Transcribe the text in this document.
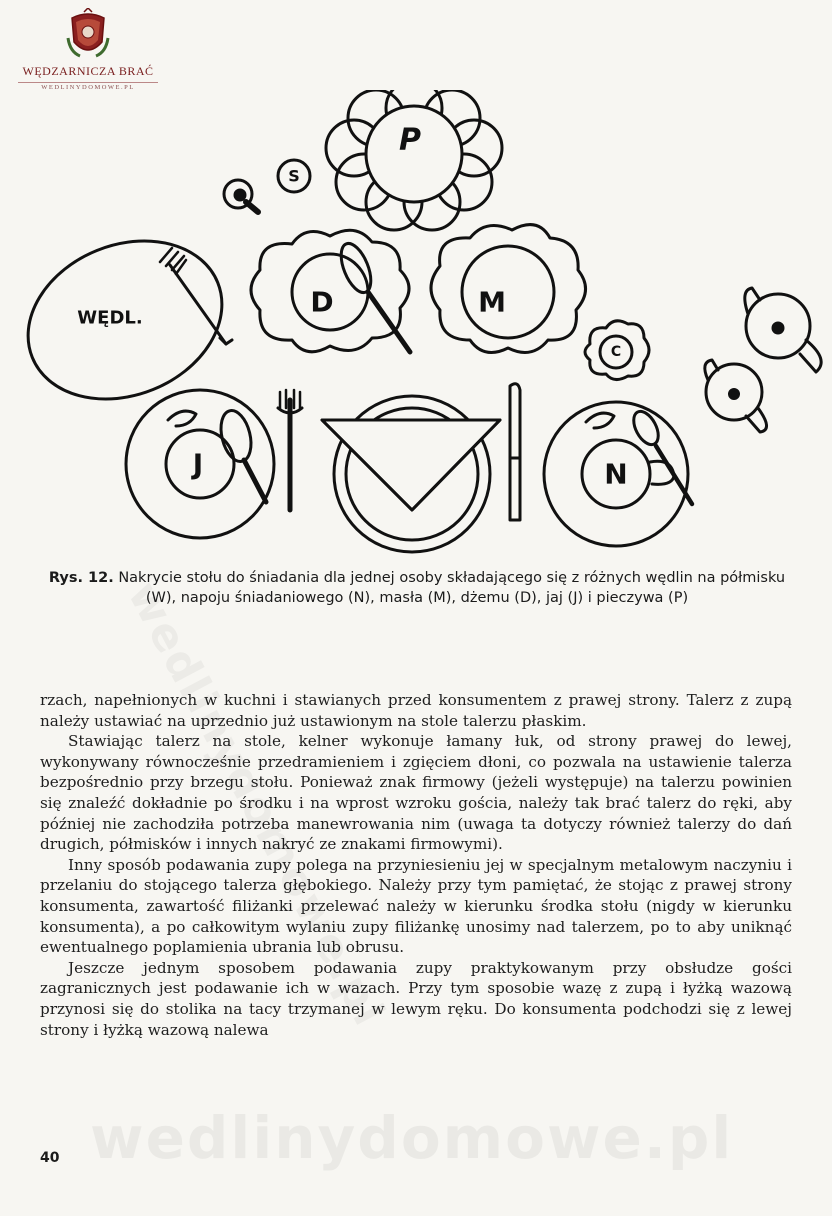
WĘDZARNICZA BRAĆ
WEDLINYDOMOWE.PL
WĘDL.
P
S
D	M
C
J	N
Rys. 12. Nakrycie stołu do śniadania dla jednej osoby składającego się z różnych wędlin na półmisku (W), napoju śniadaniowego (N), masła (M), dżemu (D), jaj (J) i pieczywa (P)

rzach, napełnionych w kuchni i stawianych przed konsumentem z prawej strony. Talerz z zupą należy ustawiać na uprzednio już ustawionym na stole talerzu płaskim.

Stawiając talerz na stole, kelner wykonuje łamany łuk, od strony prawej do lewej, wykonywany równocześnie przedramieniem i zgięciem dłoni, co pozwala na ustawienie talerza bezpośrednio przy brzegu stołu. Ponieważ znak firmowy (jeżeli występuje) na talerzu powinien się znaleźć dokładnie po środku i na wprost wzroku gościa, należy tak brać talerz do ręki, aby później nie zachodziła potrzeba manewrowania nim (uwaga ta dotyczy również talerzy do dań drugich, półmisków i innych nakryć ze znakami firmowymi).

Inny sposób podawania zupy polega na przyniesieniu jej w specjalnym metalowym naczyniu i przelaniu do stojącego talerza głębokiego. Należy przy tym pamiętać, że stojąc z prawej strony konsumenta, zawartość filiżanki przelewać należy w kierunku środka stołu (nigdy w kierunku konsumenta), a po całkowitym wylaniu zupy filiżankę unosimy nad talerzem, po to aby uniknąć ewentualnego poplamienia ubrania lub obrusu.

Jeszcze jednym sposobem podawania zupy praktykowanym przy obsłudze gości zagranicznych jest podawanie ich w wazach. Przy tym sposobie wazę z zupą i łyżką wazową przynosi się do stolika na tacy trzymanej w lewym ręku. Do konsumenta podchodzi się z lewej strony i łyżką wazową nalewa

wedlinydomowe.pl
40
